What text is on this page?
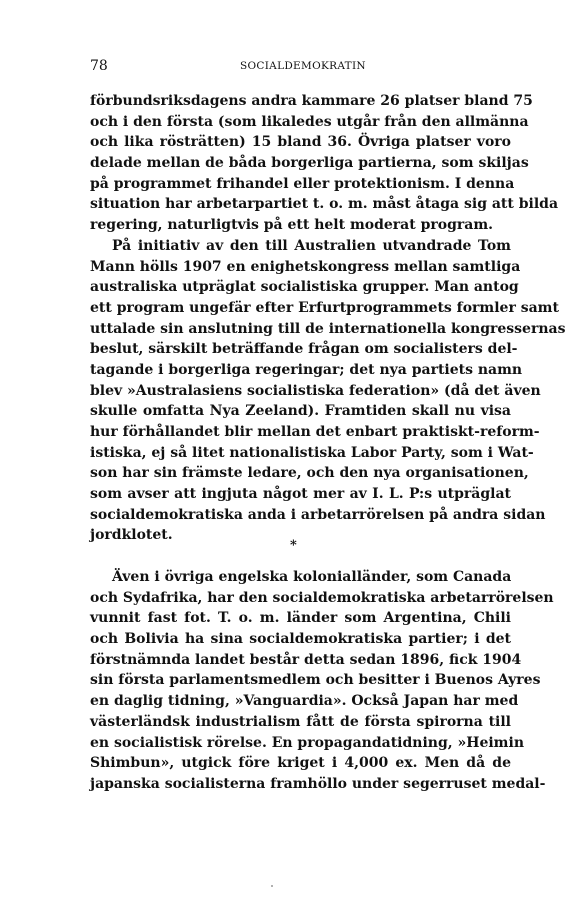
78	SOCIALDEMOKRATIN
förbundsriksdagens andra kammare 26 platser bland 75
och i den första (som likaledes utgår från den allmänna
och lika rösträtten) 15 bland 36. Övriga platser voro
delade mellan de båda borgerliga partierna, som skiljas
på programmet frihandel eller protektionism. I denna
situation har arbetarpartiet t. o. m. måst åtaga sig att bilda
regering, naturligtvis på ett helt moderat program.
På initiativ av den till Australien utvandrade Tom
Mann hölls 1907 en enighetskongress mellan samtliga
australiska utpräglat socialistiska grupper. Man antog
ett program ungefär efter Erfurtprogrammets formler samt
uttalade sin anslutning till de internationella kongressernas
beslut, särskilt beträffande frågan om socialisters del-
tagande i borgerliga regeringar; det nya partiets namn
blev »Australasiens socialistiska federation» (då det även
skulle omfatta Nya Zeeland). Framtiden skall nu visa
hur förhållandet blir mellan det enbart praktiskt-reform-
istiska, ej så litet nationalistiska Labor Party, som i Wat-
son har sin främste ledare, och den nya organisationen,
som avser att ingjuta något mer av I. L. P:s utpräglat
socialdemokratiska anda i arbetarrörelsen på andra sidan
jordklotet.
*
Även i övriga engelska kolonialländer, som Canada
och Sydafrika, har den socialdemokratiska arbetarrörelsen
vunnit fast fot. T. o. m. länder som Argentina, Chili
och Bolivia ha sina socialdemokratiska partier; i det
förstnämnda landet består detta sedan 1896, fick 1904
sin första parlamentsmedlem och besitter i Buenos Ayres
en daglig tidning, »Vanguardia». Också Japan har med
västerländsk industrialism fått de första spirorna till
en socialistisk rörelse. En propagandatidning, »Heimin
Shimbun», utgick före kriget i 4,000 ex. Men då de
japanska socialisterna framhöllo under segerruset medal-
